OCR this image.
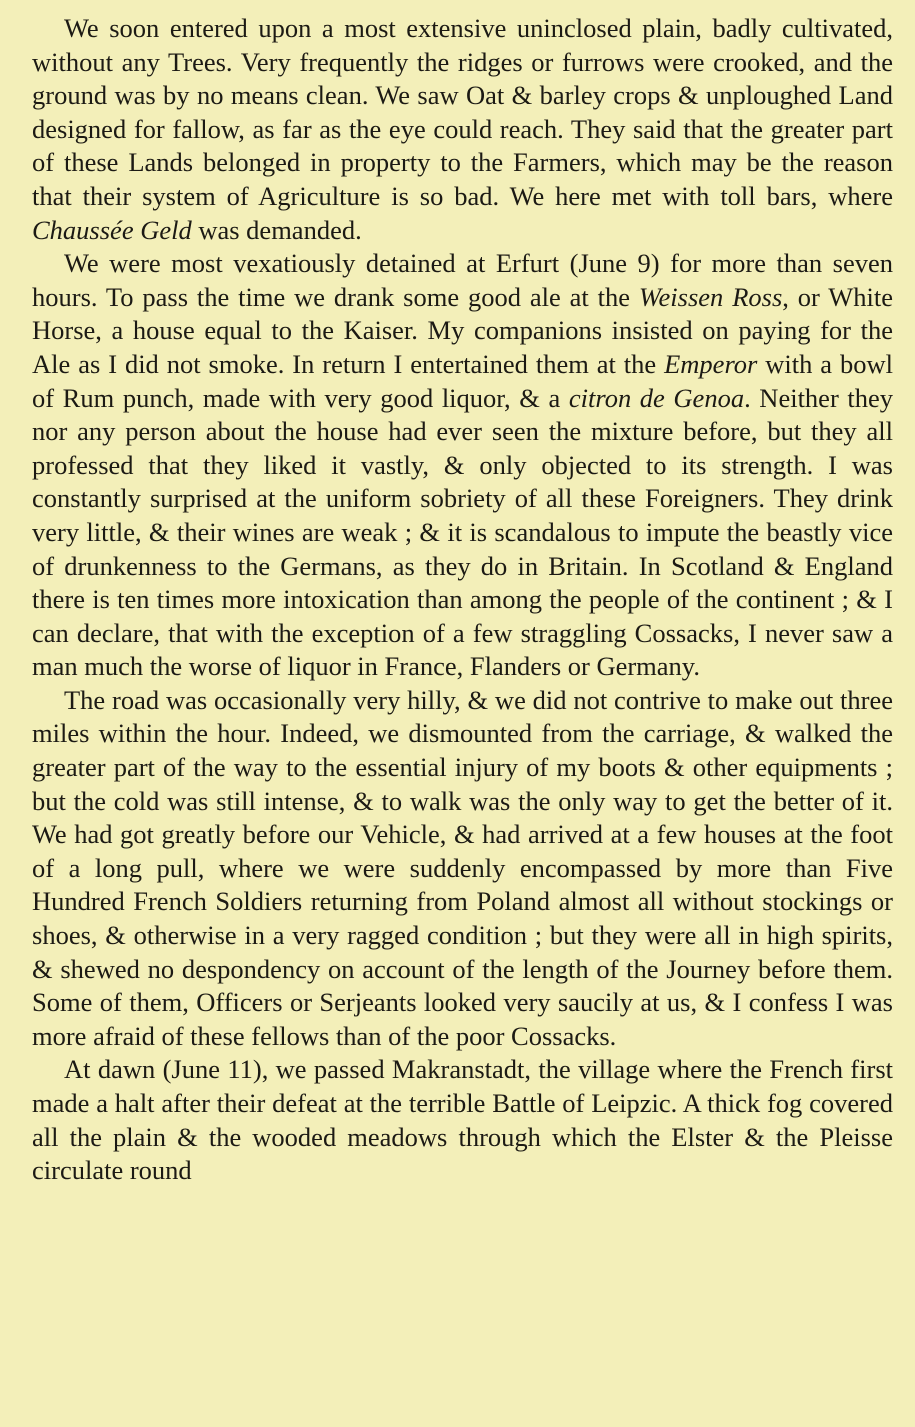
We soon entered upon a most extensive uninclosed plain, badly cultivated, without any Trees. Very frequently the ridges or furrows were crooked, and the ground was by no means clean. We saw Oat & barley crops & unploughed Land designed for fallow, as far as the eye could reach. They said that the greater part of these Lands belonged in property to the Farmers, which may be the reason that their system of Agriculture is so bad. We here met with toll bars, where Chaussée Geld was demanded.

We were most vexatiously detained at Erfurt (June 9) for more than seven hours. To pass the time we drank some good ale at the Weissen Ross, or White Horse, a house equal to the Kaiser. My companions insisted on paying for the Ale as I did not smoke. In return I entertained them at the Emperor with a bowl of Rum punch, made with very good liquor, & a citron de Genoa. Neither they nor any person about the house had ever seen the mixture before, but they all professed that they liked it vastly, & only objected to its strength. I was constantly surprised at the uniform sobriety of all these Foreigners. They drink very little, & their wines are weak ; & it is scandalous to impute the beastly vice of drunkenness to the Germans, as they do in Britain. In Scotland & England there is ten times more intoxication than among the people of the continent ; & I can declare, that with the exception of a few straggling Cossacks, I never saw a man much the worse of liquor in France, Flanders or Germany.

The road was occasionally very hilly, & we did not contrive to make out three miles within the hour. Indeed, we dismounted from the carriage, & walked the greater part of the way to the essential injury of my boots & other equipments ; but the cold was still intense, & to walk was the only way to get the better of it. We had got greatly before our Vehicle, & had arrived at a few houses at the foot of a long pull, where we were suddenly encompassed by more than Five Hundred French Soldiers returning from Poland almost all without stockings or shoes, & otherwise in a very ragged condition ; but they were all in high spirits, & shewed no despondency on account of the length of the Journey before them. Some of them, Officers or Serjeants looked very saucily at us, & I confess I was more afraid of these fellows than of the poor Cossacks.

At dawn (June 11), we passed Makranstadt, the village where the French first made a halt after their defeat at the terrible Battle of Leipzic. A thick fog covered all the plain & the wooded meadows through which the Elster & the Pleisse circulate round
